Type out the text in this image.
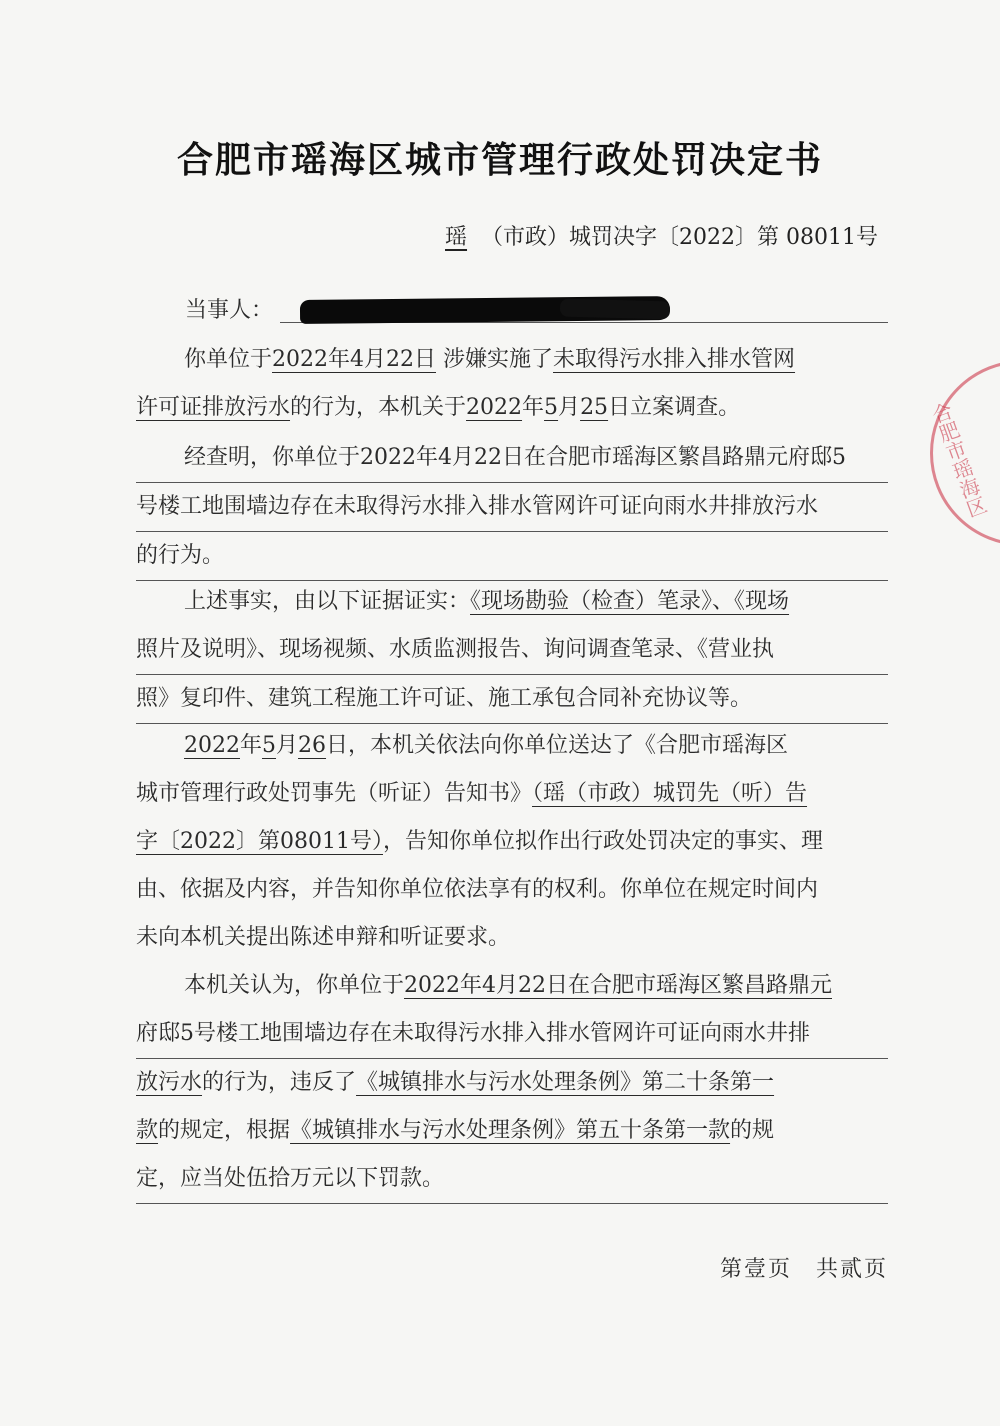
合肥市瑶海区
合肥市瑶海区城市管理行政处罚决定书
瑶 （市政）城罚决字〔2022〕第 08011号
当事人：
你单位于2022年4月22日 涉嫌实施了未取得污水排入排水管网
许可证排放污水的行为，本机关于2022年5月25日立案调查。
经查明，你单位于2022年4月22日在合肥市瑶海区繁昌路鼎元府邸5
号楼工地围墙边存在未取得污水排入排水管网许可证向雨水井排放污水
的行为。
上述事实，由以下证据证实：《现场勘验（检查）笔录》、《现场
照片及说明》、现场视频、水质监测报告、询问调查笔录、《营业执
照》复印件、建筑工程施工许可证、施工承包合同补充协议等。
2022年5月26日，本机关依法向你单位送达了《合肥市瑶海区
城市管理行政处罚事先（听证）告知书》（瑶（市政）城罚先（听）告
字〔2022〕第08011号），告知你单位拟作出行政处罚决定的事实、理
由、依据及内容，并告知你单位依法享有的权利。你单位在规定时间内
未向本机关提出陈述申辩和听证要求。
本机关认为，你单位于2022年4月22日在合肥市瑶海区繁昌路鼎元
府邸5号楼工地围墙边存在未取得污水排入排水管网许可证向雨水井排
放污水的行为，违反了《城镇排水与污水处理条例》第二十条第一
款的规定，根据《城镇排水与污水处理条例》第五十条第一款的规
定，应当处伍拾万元以下罚款。
第壹页　共贰页
